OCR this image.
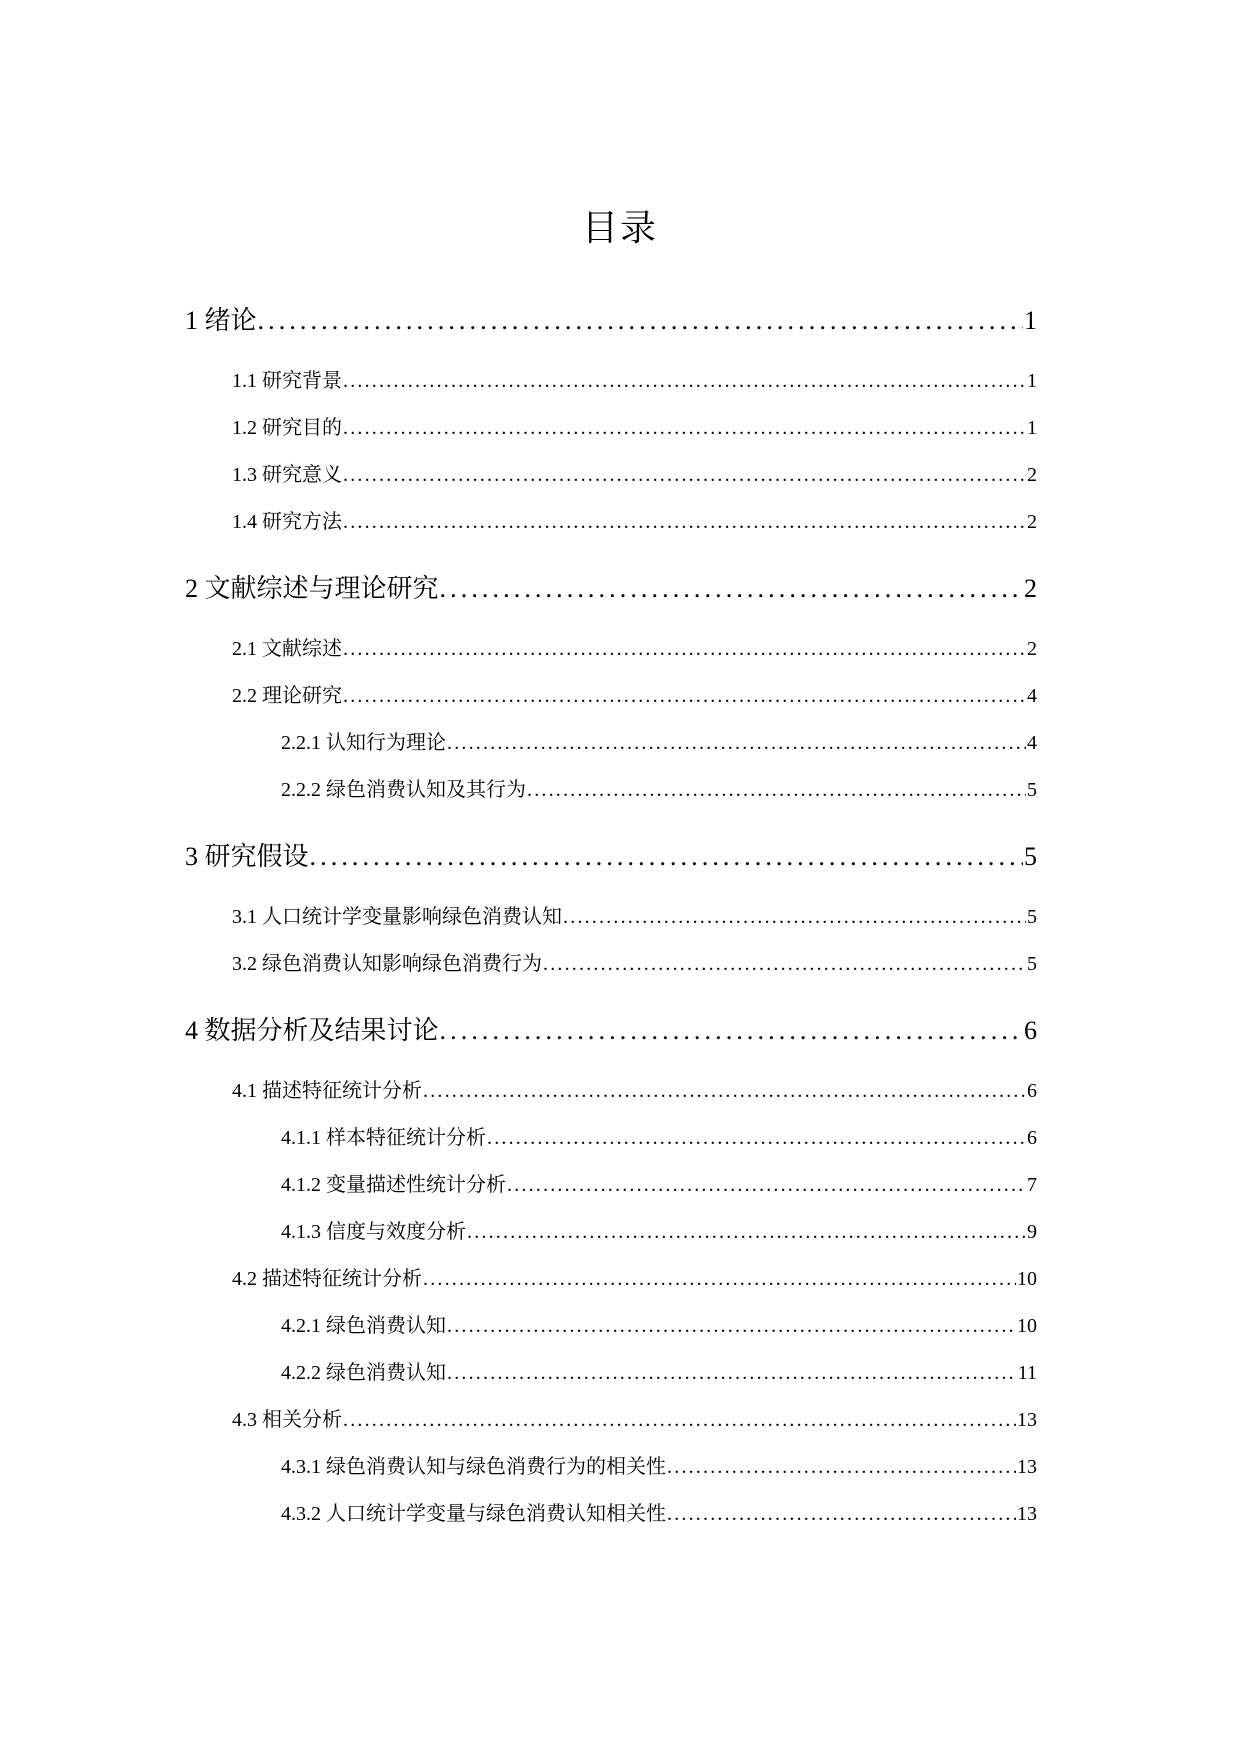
目录
1 绪论 . . .	1
1.1 研究背景 . . .	1
1.2 研究目的 . . .	1
1.3 研究意义 . . .	2
1.4 研究方法 . . .	2
2 文献综述与理论研究 . . .	2
2.1 文献综述 . . .	2
2.2 理论研究 . . .	4
2.2.1 认知行为理论 . . .	4
2.2.2 绿色消费认知及其行为 . . .	5
3 研究假设 . . .	5
3.1 人口统计学变量影响绿色消费认知 . . .	5
3.2 绿色消费认知影响绿色消费行为 . . .	5
4 数据分析及结果讨论 . . .	6
4.1 描述特征统计分析 . . .	6
4.1.1 样本特征统计分析 . . .	6
4.1.2 变量描述性统计分析 . . .	7
4.1.3 信度与效度分析 . . .	9
4.2 描述特征统计分析 . . .	10
4.2.1 绿色消费认知 . . .	10
4.2.2 绿色消费认知 . . .	11
4.3 相关分析 . . .	13
4.3.1 绿色消费认知与绿色消费行为的相关性 . . .	13
4.3.2 人口统计学变量与绿色消费认知相关性 . . .	13
